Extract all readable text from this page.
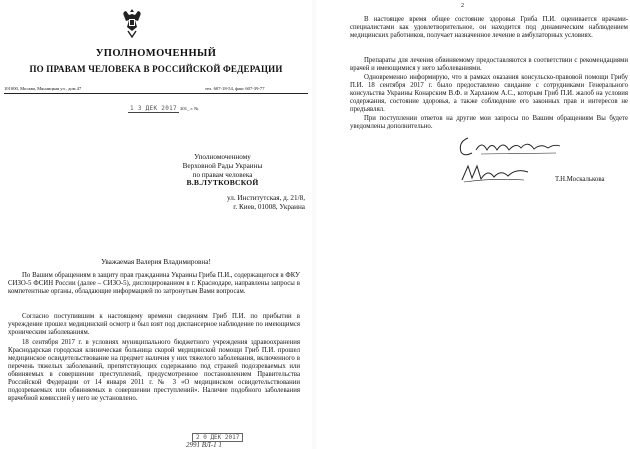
УПОЛНОМОЧЕННЫЙ
ПО ПРАВАМ ЧЕЛОВЕКА В РОССИЙСКОЙ ФЕДЕРАЦИИ
101000, Москва, Мясницкая ул., дом 47	тел. 607-18-54, факс 607-39-77
1 3 ДЕК 2017 201_ г. №
Уполномоченному
Верховной Рады Украины
по правам человека
В.В.ЛУТКОВСКОЙ
ул. Институтская, д. 21/8,
г. Киев, 01008, Украина
Уважаемая Валерия Владимировна!

По Вашим обращениям в защиту прав гражданина Украины Гриба П.И., содержащегося в ФКУ СИЗО-5 ФСИН России (далее – СИЗО-5), дислоцированном в г. Краснодаре, направлены запросы в компетентные органы, обладающие информацией по затронутым Вами вопросам.

Согласно поступившим к настоящему времени сведениям Гриб П.И. по прибытии в учреждение прошел медицинский осмотр и был взят под диспансерное наблюдение по имеющимся хроническим заболеваниям.

18 сентября 2017 г. в условиях муниципального бюджетного учреждения здравоохранения Краснодарская городская клиническая больница скорой медицинской помощи Гриб П.И. прошел медицинское освидетельствование на предмет наличия у них тяжелого заболевания, включенного в перечень тяжелых заболеваний, препятствующих содержанию под стражей подозреваемых или обвиняемых в совершении преступлений, предусмотренное постановлением Правительства Российской Федерации от 14 января 2011 г. № 3 «О медицинском освидетельствовании подозреваемых или обвиняемых в совершении преступлений». Наличие подобного заболевания врачебной комиссией у него не установлено.

2 0 ДЕК 2017
2991 ВЛ-1 1
2

В настоящее время общее состояние здоровья Гриба П.И. оценивается врачами-специалистами как удовлетворительное, он находится под динамическим наблюдением медицинских работников, получает назначенное лечение в амбулаторных условиях.

Препараты для лечения обвиняемому предоставляются в соответствии с рекомендациями врачей и имеющимися у него заболеваниями.

Одновременно информирую, что в рамках оказания консульско-правовой помощи Грибу П.И. 18 сентября 2017 г. было предоставлено свидание с сотрудниками Генерального консульства Украины Конарским В.Ф. и Харланом А.С., которым Гриб П.И. жалоб на условия содержания, состояние здоровья, а также соблюдение его законных прав и интересов не предъявлял.

При поступлении ответов на другие мои запросы по Вашим обращениям Вы будете уведомлены дополнительно.

Т.Н.Москалькова
